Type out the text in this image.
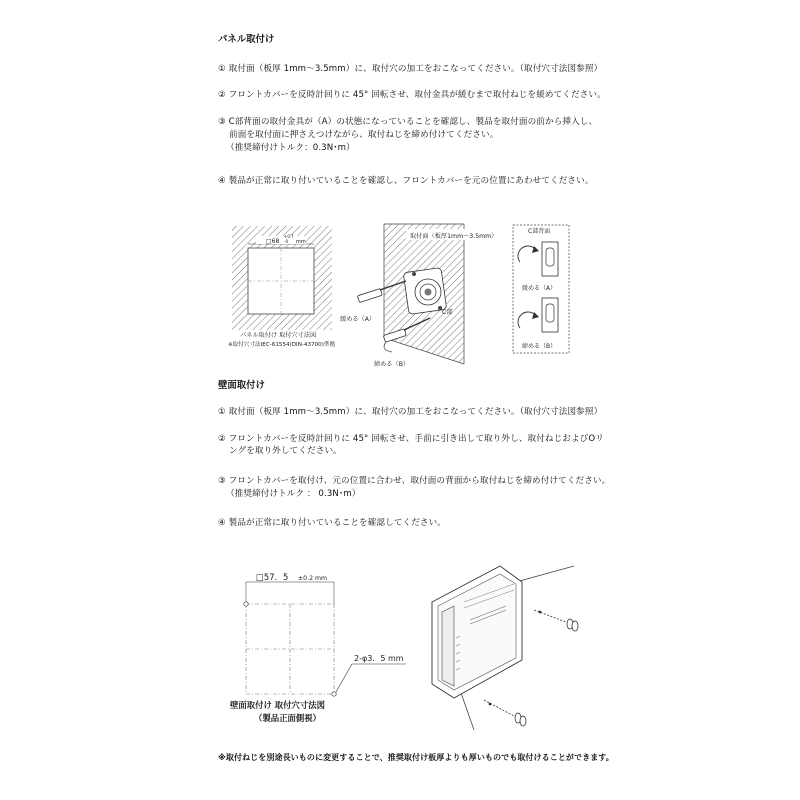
パネル取付け
① 取付面（板厚 1mm～3.5mm）に、取付穴の加工をおこなってください。（取付穴寸法図参照）
② フロントカバーを反時計回りに 45° 回転させ、取付金具が緩むまで取付ねじを緩めてください。
③ C部背面の取付金具が（A）の状態になっていることを確認し、製品を取付面の前から挿入し、
前面を取付面に押さえつけながら、取付ねじを締め付けてください。
（推奨締付けトルク：0.3N･m）
④ 製品が正常に取り付いていることを確認し、フロントカバーを元の位置にあわせてください。
□68	mm
パネル取付け 取付穴寸法図
※取付穴寸法IEC-61554(DIN-43700)準拠
+0.7
-0
取付面（板厚1mm～3.5mm）
C部
緩める（A）
締める（B）
C部背面
緩める（A）
締める（B）
壁面取付け
① 取付面（板厚 1mm～3.5mm）に、取付穴の加工をおこなってください。（取付穴寸法図参照）
② フロントカバーを反時計回りに 45° 回転させ、手前に引き出して取り外し、取付ねじおよびOリ
ングを取り外してください。
③ フロントカバーを取付け、元の位置に合わせ、取付面の背面から取付ねじを締め付けてください。
（推奨締付けトルク ： 0.3N･m）
④ 製品が正常に取り付いていることを確認してください。
□57．5 ±0.2 mm
2-φ3．5 mm
壁面取付け 取付穴寸法図
（製品正面側視）
※取付ねじを別途長いものに変更することで、推奨取付け板厚よりも厚いものでも取付けることができます。
